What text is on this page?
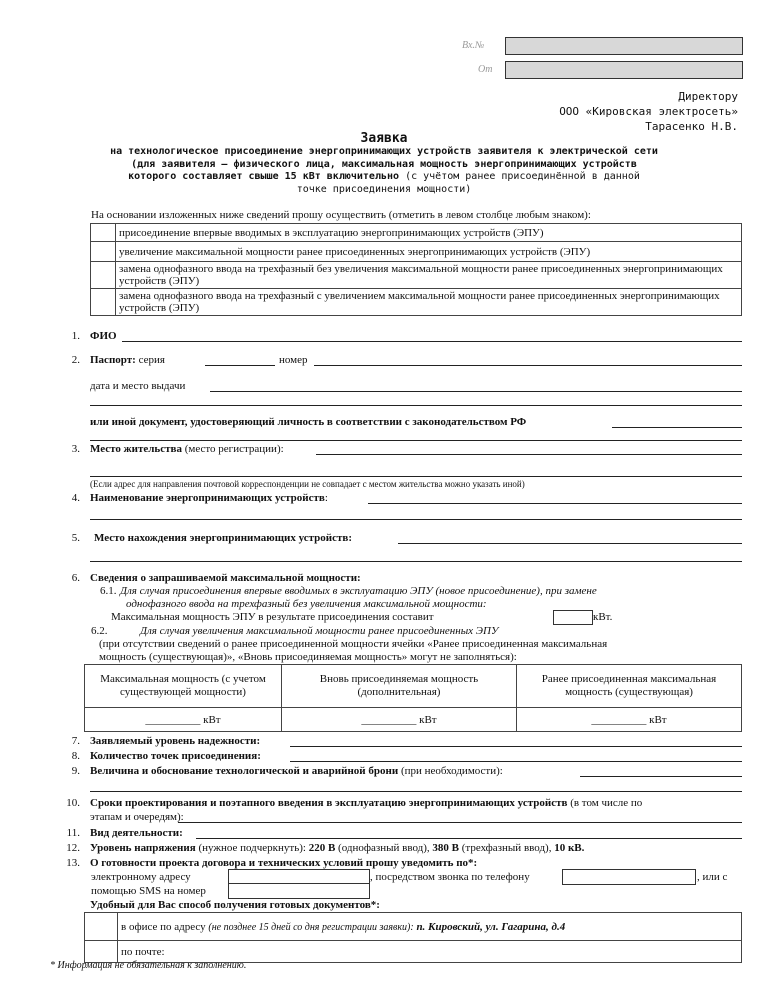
Вх.№
От
Директору
ООО «Кировская электросеть»
Тарасенко Н.В.
Заявка
на технологическое присоединение энергопринимающих устройств заявителя к электрической сети
(для заявителя – физического лица, максимальная мощность энергопринимающих устройств
которого составляет свыше 15 кВт включительно (с учётом ранее присоединённой в данной
точке присоединения мощности)
На основании изложенных ниже сведений прошу осуществить (отметить в левом столбце любым знаком):
	присоединение впервые вводимых в эксплуатацию энергопринимающих устройств (ЭПУ)
	увеличение максимальной мощности ранее присоединенных энергопринимающих устройств (ЭПУ)
	замена однофазного ввода на трехфазный без увеличения максимальной мощности ранее присоединенных энергопринимающих устройств (ЭПУ)
	замена однофазного ввода на трехфазный с увеличением максимальной мощности ранее присоединенных энергопринимающих устройств (ЭПУ)
1. ФИО
2. Паспорт: серия	номер
дата и место выдачи
или иной документ, удостоверяющий личность в соответствии с законодательством РФ
3. Место жительства (место регистрации):
(Если адрес для направления почтовой корреспонденции не совпадает с местом жительства можно указать иной)
4. Наименование энергопринимающих устройств:
5. Место нахождения энергопринимающих устройств:
6. Сведения о запрашиваемой максимальной мощности:
6.1. Для случая присоединения впервые вводимых в эксплуатацию ЭПУ (новое присоединение), при замене
однофазного ввода на трехфазный без увеличения максимальной мощности:
Максимальная мощность ЭПУ в результате присоединения составит	кВт.
6.2.	Для случая увеличения максимальной мощности ранее присоединенных ЭПУ
(при отсутствии сведений о ранее присоединенной мощности ячейки «Ранее присоединенная максимальная
мощность (существующая)», «Вновь присоединяемая мощность» могут не заполняться):
Максимальная мощность (с учетом существующей мощности)	Вновь присоединяемая мощность (дополнительная)	Ранее присоединенная максимальная мощность (существующая)
__________ кВт	__________ кВт	__________ кВт
7. Заявляемый уровень надежности:
8. Количество точек присоединения:
9. Величина и обоснование технологической и аварийной брони (при необходимости):
10. Сроки проектирования и поэтапного введения в эксплуатацию энергопринимающих устройств (в том числе по
этапам и очередям):
11. Вид деятельности:
12. Уровень напряжения (нужное подчеркнуть): 220 В (однофазный ввод), 380 В (трехфазный ввод), 10 кВ.
13. О готовности проекта договора и технических условий прошу уведомить по*:
электронному адресу	, посредством звонка по телефону	, или с
помощью SMS на номер
Удобный для Вас способ получения готовых документов*:
	в офисе по адресу (не позднее 15 дней со дня регистрации заявки): п. Кировский, ул. Гагарина, д.4
	по почте:
* Информация не обязательная к заполнению.
